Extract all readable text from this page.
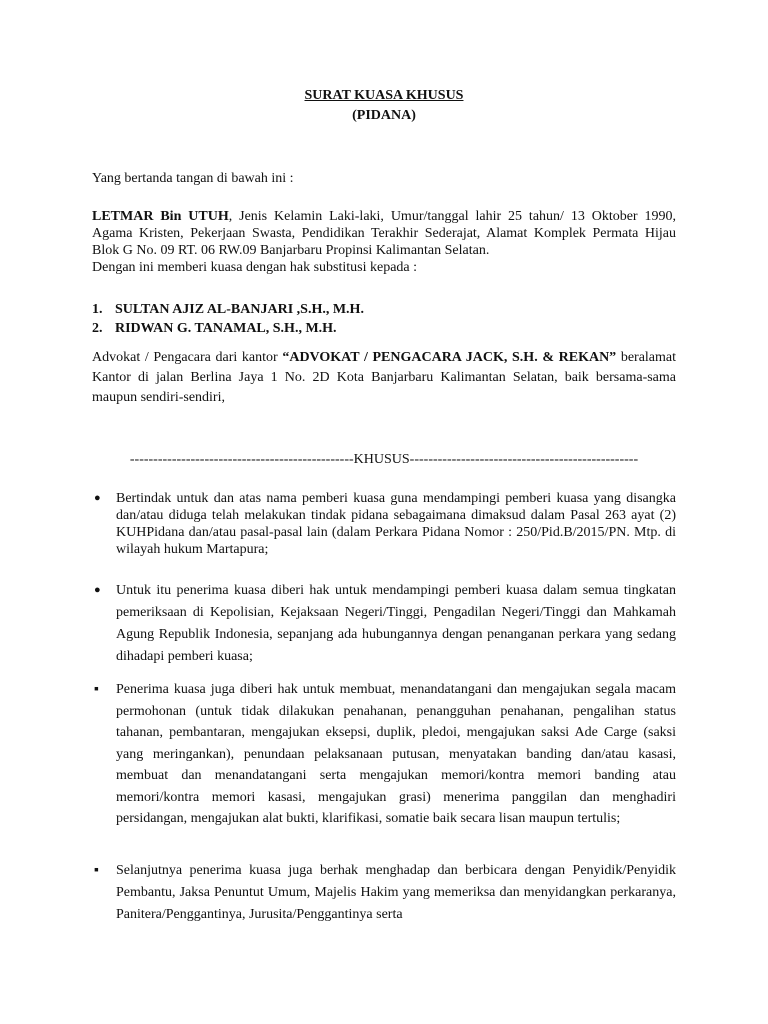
SURAT KUASA KHUSUS
(PIDANA)
Yang bertanda tangan di bawah ini :
LETMAR Bin UTUH, Jenis Kelamin Laki-laki, Umur/tanggal lahir 25 tahun/ 13 Oktober 1990, Agama Kristen, Pekerjaan Swasta, Pendidikan Terakhir Sederajat, Alamat Komplek Permata Hijau Blok G No. 09 RT. 06 RW.09 Banjarbaru Propinsi Kalimantan Selatan.
Dengan ini memberi kuasa dengan hak substitusi kepada :
1. SULTAN AJIZ AL-BANJARI ,S.H., M.H.
2. RIDWAN G. TANAMAL, S.H., M.H.
Advokat / Pengacara dari kantor “ADVOKAT / PENGACARA JACK, S.H. & REKAN” beralamat Kantor di jalan Berlina Jaya 1 No. 2D Kota Banjarbaru Kalimantan Selatan, baik bersama-sama maupun sendiri-sendiri,
------------------------------------------------KHUSUS-------------------------------------------------
●
Bertindak untuk dan atas nama pemberi kuasa guna mendampingi pemberi kuasa yang disangka dan/atau diduga telah melakukan tindak pidana sebagaimana dimaksud dalam Pasal 263 ayat (2) KUHPidana dan/atau pasal-pasal lain (dalam Perkara Pidana Nomor : 250/Pid.B/2015/PN. Mtp. di wilayah hukum Martapura;
●
Untuk itu penerima kuasa diberi hak untuk mendampingi pemberi kuasa dalam semua tingkatan pemeriksaan di Kepolisian, Kejaksaan Negeri/Tinggi, Pengadilan Negeri/Tinggi dan Mahkamah Agung Republik Indonesia, sepanjang ada hubungannya dengan penanganan perkara yang sedang dihadapi pemberi kuasa;
▪
Penerima kuasa juga diberi hak untuk membuat, menandatangani dan mengajukan segala macam permohonan (untuk tidak dilakukan penahanan, penangguhan penahanan, pengalihan status tahanan, pembantaran, mengajukan eksepsi, duplik, pledoi, mengajukan saksi Ade Carge (saksi yang meringankan), penundaan pelaksanaan putusan, menyatakan banding dan/atau kasasi, membuat dan menandatangani serta mengajukan memori/kontra memori banding atau memori/kontra memori kasasi, mengajukan grasi) menerima panggilan dan menghadiri persidangan, mengajukan alat bukti, klarifikasi, somatie baik secara lisan maupun tertulis;
▪
Selanjutnya penerima kuasa juga berhak menghadap dan berbicara dengan Penyidik/Penyidik Pembantu, Jaksa Penuntut Umum, Majelis Hakim yang memeriksa dan menyidangkan perkaranya, Panitera/Penggantinya, Jurusita/Penggantinya serta
